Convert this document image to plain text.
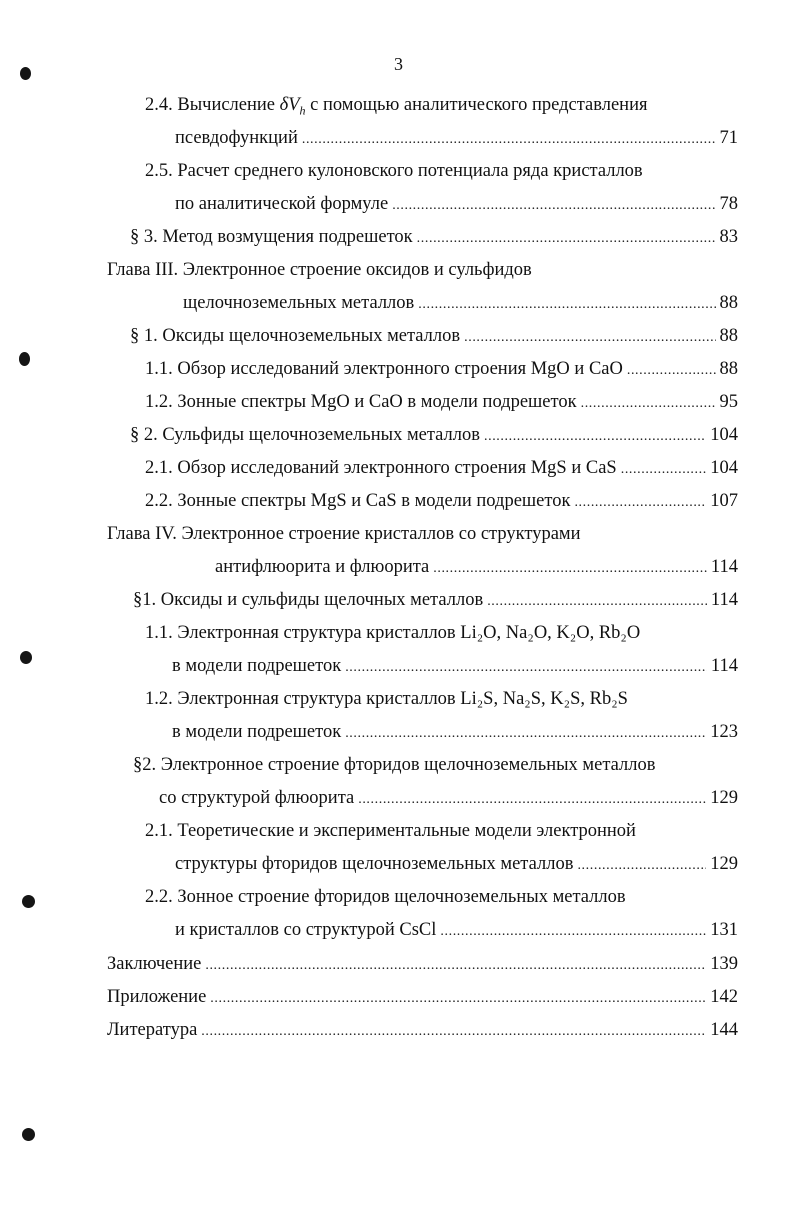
3
2.4. Вычисление $\delta V_h$ с помощью аналитического представления
псевдофункций .....	71
2.5. Расчет среднего кулоновского потенциала ряда кристаллов
по аналитической формуле .....	78
§ 3. Метод возмущения подрешеток .....	83
Глава III. Электронное строение оксидов и сульфидов
щелочноземельных металлов .....	88
§ 1. Оксиды щелочноземельных металлов .....	88
1.1. Обзор исследований электронного строения MgO и CaO .....	88
1.2. Зонные спектры MgO и CaO в модели подрешеток .....	95
§ 2. Сульфиды щелочноземельных металлов .....	104
2.1. Обзор исследований электронного строения MgS и CaS .....	104
2.2. Зонные спектры MgS и CaS в модели подрешеток .....	107
Глава IV. Электронное строение кристаллов со структурами
антифлюорита и флюорита .....	114
§1. Оксиды и сульфиды щелочных металлов .....	114
1.1. Электронная структура кристаллов Li₂O, Na₂O, K₂O, Rb₂O
в модели подрешеток .....	114
1.2. Электронная структура кристаллов Li₂S, Na₂S, K₂S, Rb₂S
в модели подрешеток .....	123
§2. Электронное строение фторидов щелочноземельных металлов
со структурой флюорита .....	129
2.1. Теоретические и экспериментальные модели электронной
структуры фторидов щелочноземельных металлов .....	129
2.2. Зонное строение фторидов щелочноземельных металлов
и кристаллов со структурой CsCl .....	131
Заключение .....	139
Приложение .....	142
Литература .....	144
